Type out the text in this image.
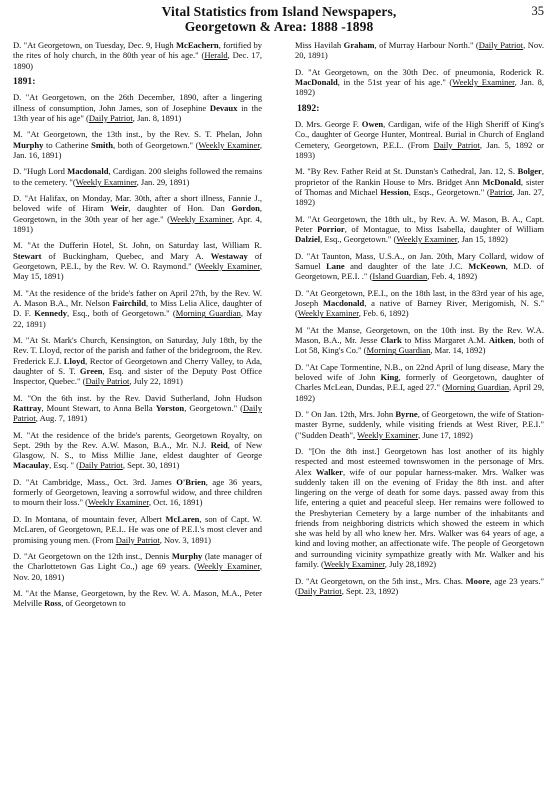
Vital Statistics from Island Newspapers,
Georgetown & Area: 1888 -1898
35
D. "At Georgetown, on Tuesday, Dec. 9, Hugh McEachern, fortified by the rites of holy church, in the 80th year of his age." (Herald, Dec. 17, 1890)
1891:
D. "At Georgetown, on the 26th December, 1890, after a lingering illness of consumption, John James, son of Josephine Devaux in the 13th year of his age" (Daily Patriot, Jan. 8, 1891)
M. "At Georgetown, the 13th inst., by the Rev. S. T. Phelan, John Murphy to Catherine Smith, both of Georgetown." (Weekly Examiner, Jan. 16, 1891)
D. "Hugh Lord Macdonald, Cardigan. 200 sleighs followed the remains to the cemetery. "(Weekly Examiner, Jan. 29, 1891)
D. "At Halifax, on Monday, Mar. 30th, after a short illness, Fannie J., beloved wife of Hiram Weir, daughter of Hon. Dan Gordon, Georgetown, in the 30th year of her age." (Weekly Examiner, Apr. 4, 1891)
M. "At the Dufferin Hotel, St. John, on Saturday last, William R. Stewart of Buckingham, Quebec, and Mary A. Westaway of Georgetown, P.E.I., by the Rev. W. O. Raymond." (Weekly Examiner, May 15, 1891)
M. "At the residence of the bride's father on April 27th, by the Rev. W. A. Mason B.A., Mr. Nelson Fairchild, to Miss Lelia Alice, daughter of D. F. Kennedy, Esq., both of Georgetown." (Morning Guardian, May 22, 1891)
M. "At St. Mark's Church, Kensington, on Saturday, July 18th, by the Rev. T. Lloyd, rector of the parish and father of the bridegroom, the Rev. Frederick E.J. Lloyd, Rector of Georgetown and Cherry Valley, to Ada, daughter of S. T. Green, Esq. and sister of the Deputy Post Office Inspector, Quebec." (Daily Patriot, July 22, 1891)
M. "On the 6th inst. by the Rev. David Sutherland, John Hudson Rattray, Mount Stewart, to Anna Bella Yorston, Georgetown." (Daily Patriot, Aug. 7, 1891)
M. "At the residence of the bride's parents, Georgetown Royalty, on Sept. 29th by the Rev. A.W. Mason, B.A., Mr. N.J. Reid, of New Glasgow, N. S., to Miss Millie Jane, eldest daughter of George Macaulay, Esq. " (Daily Patriot, Sept. 30, 1891)
D. "At Cambridge, Mass., Oct. 3rd. James O'Brien, age 36 years, formerly of Georgetown, leaving a sorrowful widow, and three children to mourn their loss." (Weekly Examiner, Oct. 16, 1891)
D. In Montana, of mountain fever, Albert McLaren, son of Capt. W. McLaren, of Georgetown, P.E.I.. He was one of P.E.I.'s most clever and promising young men. (From Daily Patriot, Nov. 3, 1891)
D. "At Georgetown on the 12th inst., Dennis Murphy (late manager of the Charlottetown Gas Light Co.,) age 69 years. (Weekly Examiner, Nov. 20, 1891)
M. "At the Manse, Georgetown, by the Rev. W. A. Mason, M.A., Peter Melville Ross, of Georgetown to
Miss Havilah Graham, of Murray Harbour North." (Daily Patriot, Nov. 20, 1891)
D. "At Georgetown, on the 30th Dec. of pneumonia, Roderick R. MacDonald, in the 51st year of his age." (Weekly Examiner, Jan. 8, 1892)
1892:
D. Mrs. George F. Owen, Cardigan, wife of the High Sheriff of King's Co., daughter of George Hunter, Montreal. Burial in Church of England Cemetery, Georgetown, P.E.I.. (From Daily Patriot, Jan. 5, 1892 or 1893)
M. "By Rev. Father Reid at St. Dunstan's Cathedral, Jan. 12, S. Bolger, proprietor of the Rankin House to Mrs. Bridget Ann McDonald, sister of Thomas and Michael Hession, Esqs., Georgetown." (Patriot, Jan. 27, 1892)
M. "At Georgetown, the 18th ult., by Rev. A. W. Mason, B. A., Capt. Peter Porrior, of Montague, to Miss Isabella, daughter of William Dalziel, Esq., Georgetown." (Weekly Examiner, Jan 15, 1892)
D. "At Taunton, Mass, U.S.A., on Jan. 20th, Mary Collard, widow of Samuel Lane and daughter of the late J.C. McKeown, M.D. of Georgetown, P.E.I. ." (Island Guardian, Feb. 4, 1892)
D. "At Georgetown, P.E.I., on the 18th last, in the 83rd year of his age, Joseph Macdonald, a native of Barney River, Merigomish, N. S." (Weekly Examiner, Feb. 6, 1892)
M "At the Manse, Georgetown, on the 10th inst. By the Rev. W.A. Mason, B.A., Mr. Jesse Clark to Miss Margaret A.M. Aitken, both of Lot 58, King's Co." (Morning Guardian, Mar. 14, 1892)
D. "At Cape Tormentine, N.B., on 22nd April of lung disease, Mary the beloved wife of John King, formerly of Georgetown, daughter of Charles McLean, Dundas, P.E.I, aged 27." (Morning Guardian, April 29, 1892)
D. " On Jan. 12th, Mrs. John Byrne, of Georgetown, the wife of Station-master Byrne, suddenly, while visiting friends at West River, P.E.I." ("Sudden Death", Weekly Examiner, June 17, 1892)
D. "[On the 8th inst.] Georgetown has lost another of its highly respected and most esteemed townswomen in the personage of Mrs. Alex Walker, wife of our popular harness-maker. Mrs. Walker was suddenly taken ill on the evening of Friday the 8th inst. and after lingering on the verge of death for some days. passed away from this life, entering a quiet and peaceful sleep. Her remains were followed to the Presbyterian Cemetery by a large number of the inhabitants and friends from neighboring districts which showed the esteem in which she was held by all who knew her. Mrs. Walker was 64 years of age, a kind and loving mother, an affectionate wife. The people of Georgetown and surrounding vicinity sympathize greatly with Mr. Walker and his family. (Weekly Examiner, July 28,1892)
D. "At Georgetown, on the 5th inst., Mrs. Chas. Moore, age 23 years." (Daily Patriot, Sept. 23, 1892)
